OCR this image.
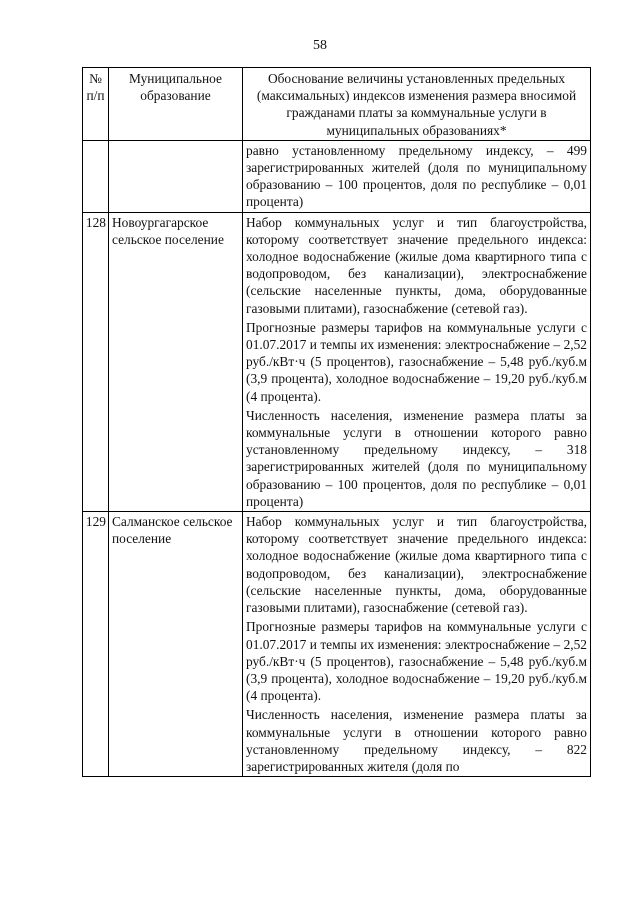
58
№ п/п	Муниципальное образование	Обоснование величины установленных предельных (максимальных) индексов изменения размера вносимой гражданами платы за коммунальные услуги в муниципальных образованиях*

		равно установленному предельному индексу, – 499 зарегистрированных жителей (доля по муниципальному образованию – 100 процентов, доля по республике – 0,01 процента)

128	Новоургагарское сельское поселение	Набор коммунальных услуг и тип благоустройства, которому соответствует значение предельного индекса: холодное водоснабжение (жилые дома квартирного типа с водопроводом, без канализации), электроснабжение (сельские населенные пункты, дома, оборудованные газовыми плитами), газоснабжение (сетевой газ).

Прогнозные размеры тарифов на коммунальные услуги с 01.07.2017 и темпы их изменения: электроснабжение – 2,52 руб./кВт·ч (5 процентов), газоснабжение – 5,48 руб./куб.м (3,9 процента), холодное водоснабжение – 19,20 руб./куб.м (4 процента).

Численность населения, изменение размера платы за коммунальные услуги в отношении которого равно установленному предельному индексу, – 318 зарегистрированных жителей (доля по муниципальному образованию – 100 процентов, доля по республике – 0,01 процента)

129	Салманское сельское поселение	Набор коммунальных услуг и тип благоустройства, которому соответствует значение предельного индекса: холодное водоснабжение (жилые дома квартирного типа с водопроводом, без канализации), электроснабжение (сельские населенные пункты, дома, оборудованные газовыми плитами), газоснабжение (сетевой газ).

Прогнозные размеры тарифов на коммунальные услуги с 01.07.2017 и темпы их изменения: электроснабжение – 2,52 руб./кВт·ч (5 процентов), газоснабжение – 5,48 руб./куб.м (3,9 процента), холодное водоснабжение – 19,20 руб./куб.м (4 процента).

Численность населения, изменение размера платы за коммунальные услуги в отношении которого равно установленному предельному индексу, – 822 зарегистрированных жителя (доля по
